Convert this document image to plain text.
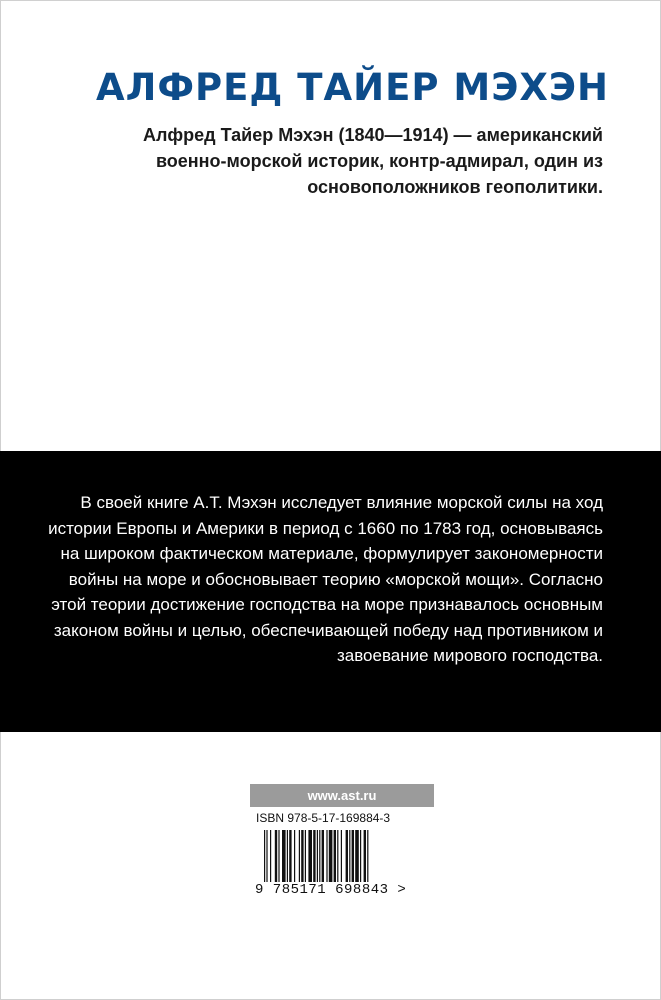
АЛФРЕД ТАЙЕР МЭХЭН

Алфред Тайер Мэхэн (1840—1914) — американский военно-морской историк, контр-адмирал, один из основоположников геополитики.

В своей книге А.Т. Мэхэн исследует влияние морской силы на ход истории Европы и Америки в период с 1660 по 1783 год, основываясь на широком фактическом материале, формулирует закономерности войны на море и обосновывает теорию «морской мощи». Согласно этой теории достижение господства на море признавалось основным законом войны и целью, обеспечивающей победу над противником и завоевание мирового господства.

www.ast.ru
ISBN 978-5-17-169884-3
9 785171 698843 >
